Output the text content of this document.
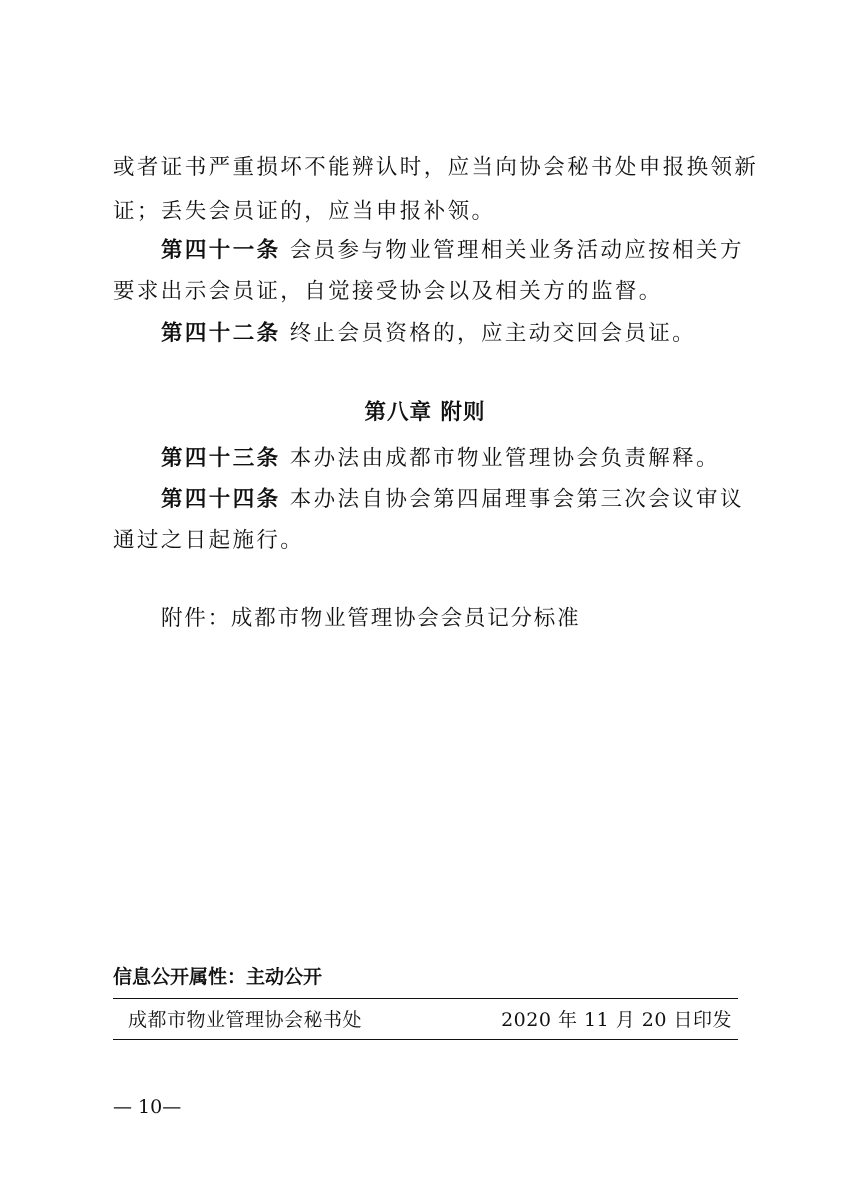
或者证书严重损坏不能辨认时，应当向协会秘书处申报换领新
证；丢失会员证的，应当申报补领。
第四十一条 会员参与物业管理相关业务活动应按相关方
要求出示会员证，自觉接受协会以及相关方的监督。
第四十二条 终止会员资格的，应主动交回会员证。
第八章 附则
第四十三条 本办法由成都市物业管理协会负责解释。
第四十四条 本办法自协会第四届理事会第三次会议审议
通过之日起施行。
附件：成都市物业管理协会会员记分标准
信息公开属性：主动公开
成都市物业管理协会秘书处	2020 年 11 月 20 日印发
— 10—
